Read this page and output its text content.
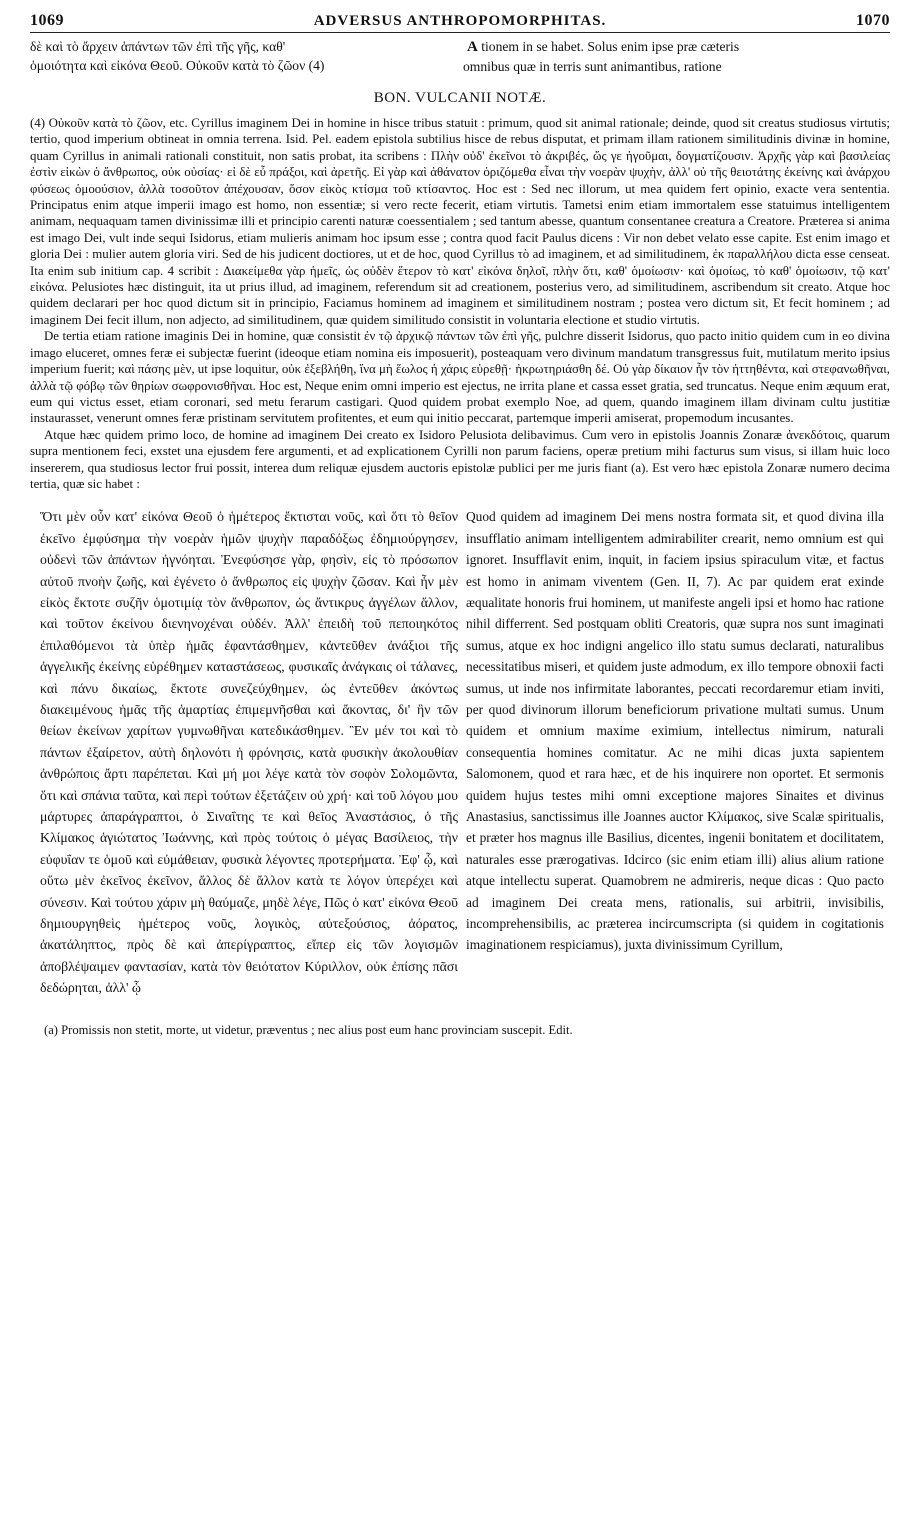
1069	ADVERSUS ANTHROPOMORPHITAS.	1070
δὲ καὶ τὸ ἄρχειν ἁπάντων τῶν ἐπὶ τῆς γῆς, καθ'
ὁμοιότητα καὶ εἰκόνα Θεοῦ. Οὐκοῦν κατὰ τὸ ζῶον (4)
A tionem in se habet. Solus enim ipse præ cæteris
omnibus quæ in terris sunt animantibus, ratione
BON. VULCANII NOTÆ.

(4) Οὐκοῦν κατὰ τὸ ζῶον, etc. Cyrillus imaginem Dei in homine in hisce tribus statuit : primum, quod sit animal rationale; deinde, quod sit creatus studiosus virtutis; tertio, quod imperium obtineat in omnia terrena. Isid. Pel. eadem epistola subtilius hisce de rebus disputat, et primam illam rationem similitudinis divinæ in homine, quam Cyrillus in animali rationali constituit, non satis probat, ita scribens : Πλὴν οὐδ' ἐκεῖνοι τὸ ἀκριβές, ὥς γε ἡγοῦμαι, δογματίζουσιν. Ἀρχῆς γὰρ καὶ βασιλείας ἐστὶν εἰκὼν ὁ ἄνθρωπος, οὐκ οὐσίας· εἰ δὲ εὖ πράξοι, καὶ ἀρετῆς. Εἰ γὰρ καὶ ἀθάνατον ὁριζόμεθα εἶναι τὴν νοερὰν ψυχὴν, ἀλλ' οὐ τῆς θειοτάτης ἐκείνης καὶ ἀνάρχου φύσεως ὁμοούσιον, ἀλλὰ τοσοῦτον ἀπέχουσαν, ὅσον εἰκὸς κτίσμα τοῦ κτίσαντος. Hoc est : Sed nec illorum, ut mea quidem fert opinio, exacte vera sententia. Principatus enim atque imperii imago est homo, non essentiæ; si vero recte fecerit, etiam virtutis. Tametsi enim etiam immortalem esse statuimus intelligentem animam, nequaquam tamen divinissimæ illi et principio carenti naturæ coessentialem ; sed tantum abesse, quantum consentanee creatura a Creatore. Præterea si anima est imago Dei, vult inde sequi Isidorus, etiam mulieris animam hoc ipsum esse ; contra quod facit Paulus dicens : Vir non debet velato esse capite. Est enim imago et gloria Dei : mulier autem gloria viri. Sed de his judicent doctiores, ut et de hoc, quod Cyrillus τὸ ad imaginem, et ad similitudinem, ἐκ παραλλήλου dicta esse censeat. Ita enim sub initium cap. 4 scribit : Διακείμεθα γὰρ ἡμεῖς, ὡς οὐδὲν ἕτερον τὸ κατ' εἰκόνα δηλοῖ, πλὴν ὅτι, καθ' ὁμοίωσιν· καὶ ὁμοίως, τὸ καθ' ὁμοίωσιν, τῷ κατ' εἰκόνα. Pelusiotes hæc distinguit, ita ut prius illud, ad imaginem, referendum sit ad creationem, posterius vero, ad similitudinem, ascribendum sit creato. Atque hoc quidem declarari per hoc quod dictum sit in principio, Faciamus hominem ad imaginem et similitudinem nostram ; postea vero dictum sit, Et fecit hominem ; ad imaginem Dei fecit illum, non adjecto, ad similitudinem, quæ quidem similitudo consistit in voluntaria electione et studio virtutis.

De tertia etiam ratione imaginis Dei in homine, quæ consistit ἐν τῷ ἀρχικῷ πάντων τῶν ἐπὶ γῆς, pulchre disserit Isidorus, quo pacto initio quidem cum in eo divina imago eluceret, omnes feræ ei subjectæ fuerint (ideoque etiam nomina eis imposuerit), posteaquam vero divinum mandatum transgressus fuit, mutilatum merito ipsius imperium fuerit; καὶ πάσης μὲν, ut ipse loquitur, οὐκ ἐξεβλήθη, ἵνα μὴ ἕωλος ἡ χάρις εὑρεθῇ· ἠκρωτηριάσθη δέ. Οὐ γὰρ δίκαιον ἦν τὸν ἡττηθέντα, καὶ στεφανωθῆναι, ἀλλὰ τῷ φόβῳ τῶν θηρίων σωφρονισθῆναι. Hoc est, Neque enim omni imperio est ejectus, ne irrita plane et cassa esset gratia, sed truncatus. Neque enim æquum erat, eum qui victus esset, etiam coronari, sed metu ferarum castigari. Quod quidem probat exemplo Noe, ad quem, quando imaginem illam divinam cultu justitiæ instaurasset, venerunt omnes feræ pristinam servitutem profitentes, et eum qui initio peccarat, partemque imperii amiserat, propemodum incusantes.

Atque hæc quidem primo loco, de homine ad imaginem Dei creato ex Isidoro Pelusiota delibavimus. Cum vero in epistolis Joannis Zonaræ ἀνεκδότοις, quarum supra mentionem feci, exstet una ejusdem fere argumenti, et ad explicationem Cyrilli non parum faciens, operæ pretium mihi facturus sum visus, si illam huic loco insererem, qua studiosus lector frui possit, interea dum reliquæ ejusdem auctoris epistolæ publici per me juris fiant (a). Est vero hæc epistola Zonaræ numero decima tertia, quæ sic habet :

Ὅτι μὲν οὖν κατ' εἰκόνα Θεοῦ ὁ ἡμέτερος ἔκτισται νοῦς, καὶ ὅτι τὸ θεῖον ἐκεῖνο ἐμφύσημα τὴν νοερὰν ἡμῶν ψυχὴν παραδόξως ἐδημιούργησεν, οὐδενὶ τῶν ἁπάντων ἠγνόηται. Ἐνεφύσησε γὰρ, φησὶν, εἰς τὸ πρόσωπον αὐτοῦ πνοὴν ζωῆς, καὶ ἐγένετο ὁ ἄνθρωπος εἰς ψυχὴν ζῶσαν. Καὶ ἦν μὲν εἰκὸς ἔκτοτε συζῆν ὁμοτιμίᾳ τὸν ἄνθρωπον, ὡς ἄντικρυς ἀγγέλων ἄλλον, καὶ τοῦτον ἐκείνου διενηνοχέναι οὐδέν. Ἀλλ' ἐπειδὴ τοῦ πεποιηκότος ἐπιλαθόμενοι τὰ ὑπὲρ ἡμᾶς ἐφαντάσθημεν, κἀντεῦθεν ἀνάξιοι τῆς ἀγγελικῆς ἐκείνης εὑρέθημεν καταστάσεως, φυσικαῖς ἀνάγκαις οἱ τάλανες, καὶ πάνυ δικαίως, ἔκτοτε συνεζεύχθημεν, ὡς ἐντεῦθεν ἀκόντως διακειμένους ἡμᾶς τῆς ἁμαρτίας ἐπιμεμνῆσθαι καὶ ἄκοντας, δι' ἣν τῶν θείων ἐκείνων χαρίτων γυμνωθῆναι κατεδικάσθημεν. Ἓν μέν τοι καὶ τὸ πάντων ἐξαίρετον, αὐτὴ δηλονότι ἡ φρόνησις, κατὰ φυσικὴν ἀκολουθίαν ἀνθρώποις ἄρτι παρέπεται. Καὶ μή μοι λέγε κατὰ τὸν σοφὸν Σολομῶντα, ὅτι καὶ σπάνια ταῦτα, καὶ περὶ τούτων ἐξετάζειν οὐ χρή· καὶ τοῦ λόγου μου μάρτυρες ἀπαράγραπτοι, ὁ Σιναΐτης τε καὶ θεῖος Ἀναστάσιος, ὁ τῆς Κλίμακος ἁγιώτατος Ἰωάννης, καὶ πρὸς τούτοις ὁ μέγας Βασίλειος, τὴν εὐφυΐαν τε ὁμοῦ καὶ εὐμάθειαν, φυσικὰ λέγοντες προτερήματα. Ἐφ' ᾧ, καὶ οὕτω μὲν ἐκεῖνος ἐκεῖνον, ἄλλος δὲ ἄλλον κατὰ τε λόγον ὑπερέχει καὶ σύνεσιν. Καὶ τούτου χάριν μὴ θαύμαζε, μηδὲ λέγε, Πῶς ὁ κατ' εἰκόνα Θεοῦ δημιουργηθεὶς ἡμέτερος νοῦς, λογικὸς, αὐτεξούσιος, ἀόρατος, ἀκατάληπτος, πρὸς δὲ καὶ ἀπερίγραπτος, εἴπερ εἰς τῶν λογισμῶν ἀποβλέψαιμεν φαντασίαν, κατὰ τὸν θειότατον Κύριλλον, οὐκ ἐπίσης πᾶσι δεδώρηται, ἀλλ' ᾧ
Quod quidem ad imaginem Dei mens nostra formata sit, et quod divina illa insufflatio animam intelligentem admirabiliter crearit, nemo omnium est qui ignoret. Insufflavit enim, inquit, in faciem ipsius spiraculum vitæ, et factus est homo in animam viventem (Gen. II, 7). Ac par quidem erat exinde æqualitate honoris frui hominem, ut manifeste angeli ipsi et homo hac ratione nihil differrent. Sed postquam obliti Creatoris, quæ supra nos sunt imaginati sumus, atque ex hoc indigni angelico illo statu sumus declarati, naturalibus necessitatibus miseri, et quidem juste admodum, ex illo tempore obnoxii facti sumus, ut inde nos infirmitate laborantes, peccati recordaremur etiam inviti, per quod divinorum illorum beneficiorum privatione multati sumus. Unum quidem et omnium maxime eximium, intellectus nimirum, naturali consequentia homines comitatur. Ac ne mihi dicas juxta sapientem Salomonem, quod et rara hæc, et de his inquirere non oportet. Et sermonis quidem hujus testes mihi omni exceptione majores Sinaites et divinus Anastasius, sanctissimus ille Joannes auctor Κλίμακος, sive Scalæ spiritualis, et præter hos magnus ille Basilius, dicentes, ingenii bonitatem et docilitatem, naturales esse prærogativas. Idcirco (sic enim etiam illi) alius alium ratione atque intellectu superat. Quamobrem ne admireris, neque dicas : Quo pacto ad imaginem Dei creata mens, rationalis, sui arbitrii, invisibilis, incomprehensibilis, ac præterea incircumscripta (si quidem in cogitationis imaginationem respiciamus), juxta divinissimum Cyrillum,
(a) Promissis non stetit, morte, ut videtur, præventus ; nec alius post eum hanc provinciam suscepit. Edit.
